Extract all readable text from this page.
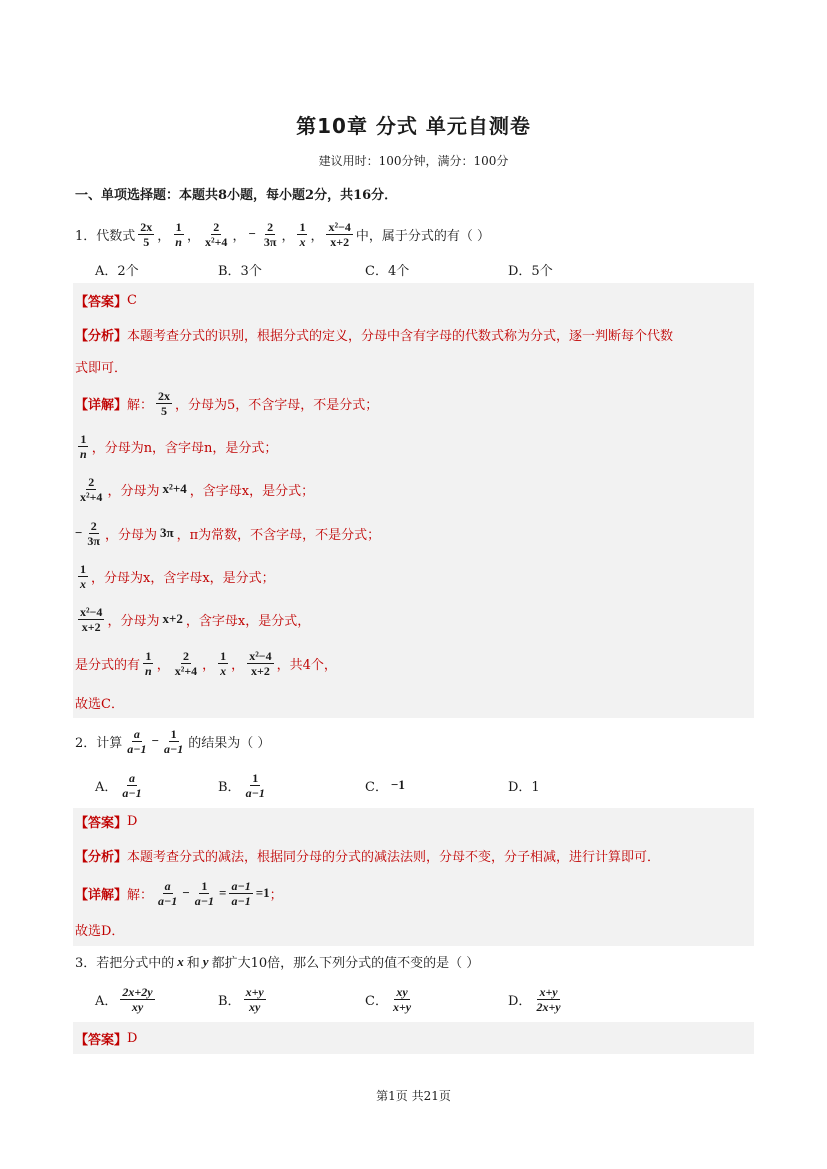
第10章 分式 单元自测卷
建议用时：100分钟，满分：100分
一、单项选择题：本题共8小题，每小题2分，共16分．
1．代数式 $\frac{2x}{5}$ ， $\frac{1}{n}$ ， $\frac{2}{\text{x²+4}}$ ， − $\frac{2}{3\pi}$ ， $\frac{1}{x}$ ， $\frac{\text{x²−4}}{x+2}$ 中，属于分式的有（ ）
A．2个	B．3个	C．4个	D．5个
【答案】 C
【分析】 本题考查分式的识别，根据分式的定义，分母中含有字母的代数式称为分式，逐一判断每个代数
式即可．
【详解】 解： $\frac{2x}{5}$ ，分母为5，不含字母，不是分式；
$\frac{1}{n}$ ，分母为n，含字母n，是分式；
$\frac{2}{\text{x²+4}}$ ，分母为 x²+4 ，含字母x，是分式；
− $\frac{2}{3\pi}$ ，分母为 3π ，π为常数，不含字母，不是分式；
$\frac{1}{x}$ ，分母为x，含字母x，是分式；
$\frac{\text{x²−4}}{x+2}$ ，分母为 x+2 ，含字母x，是分式，
是分式的有 $\frac{1}{n}$ ， $\frac{2}{\text{x²+4}}$ ， $\frac{1}{x}$ ， $\frac{\text{x²−4}}{x+2}$ ，共4个，
故选C．
2．计算 $\frac{a}{a-1} - \frac{1}{a-1}$ 的结果为（ ）
A． $\frac{a}{a-1}$	B． $\frac{1}{a-1}$	C． −1	D．1
【答案】 D
【分析】 本题考查分式的减法，根据同分母的分式的减法法则，分母不变，分子相减，进行计算即可．
【详解】 解： $\frac{a}{a-1} - \frac{1}{a-1} = \frac{a-1}{a-1} =1$ ；
故选D．
3．若把分式中的 x 和 y 都扩大10倍，那么下列分式的值不变的是（ ）
A． $\frac{2x+2y}{xy}$	B． $\frac{x+y}{xy}$	C． $\frac{xy}{x+y}$	D． $\frac{x+y}{2x+y}$
【答案】 D
第1页 共21页
